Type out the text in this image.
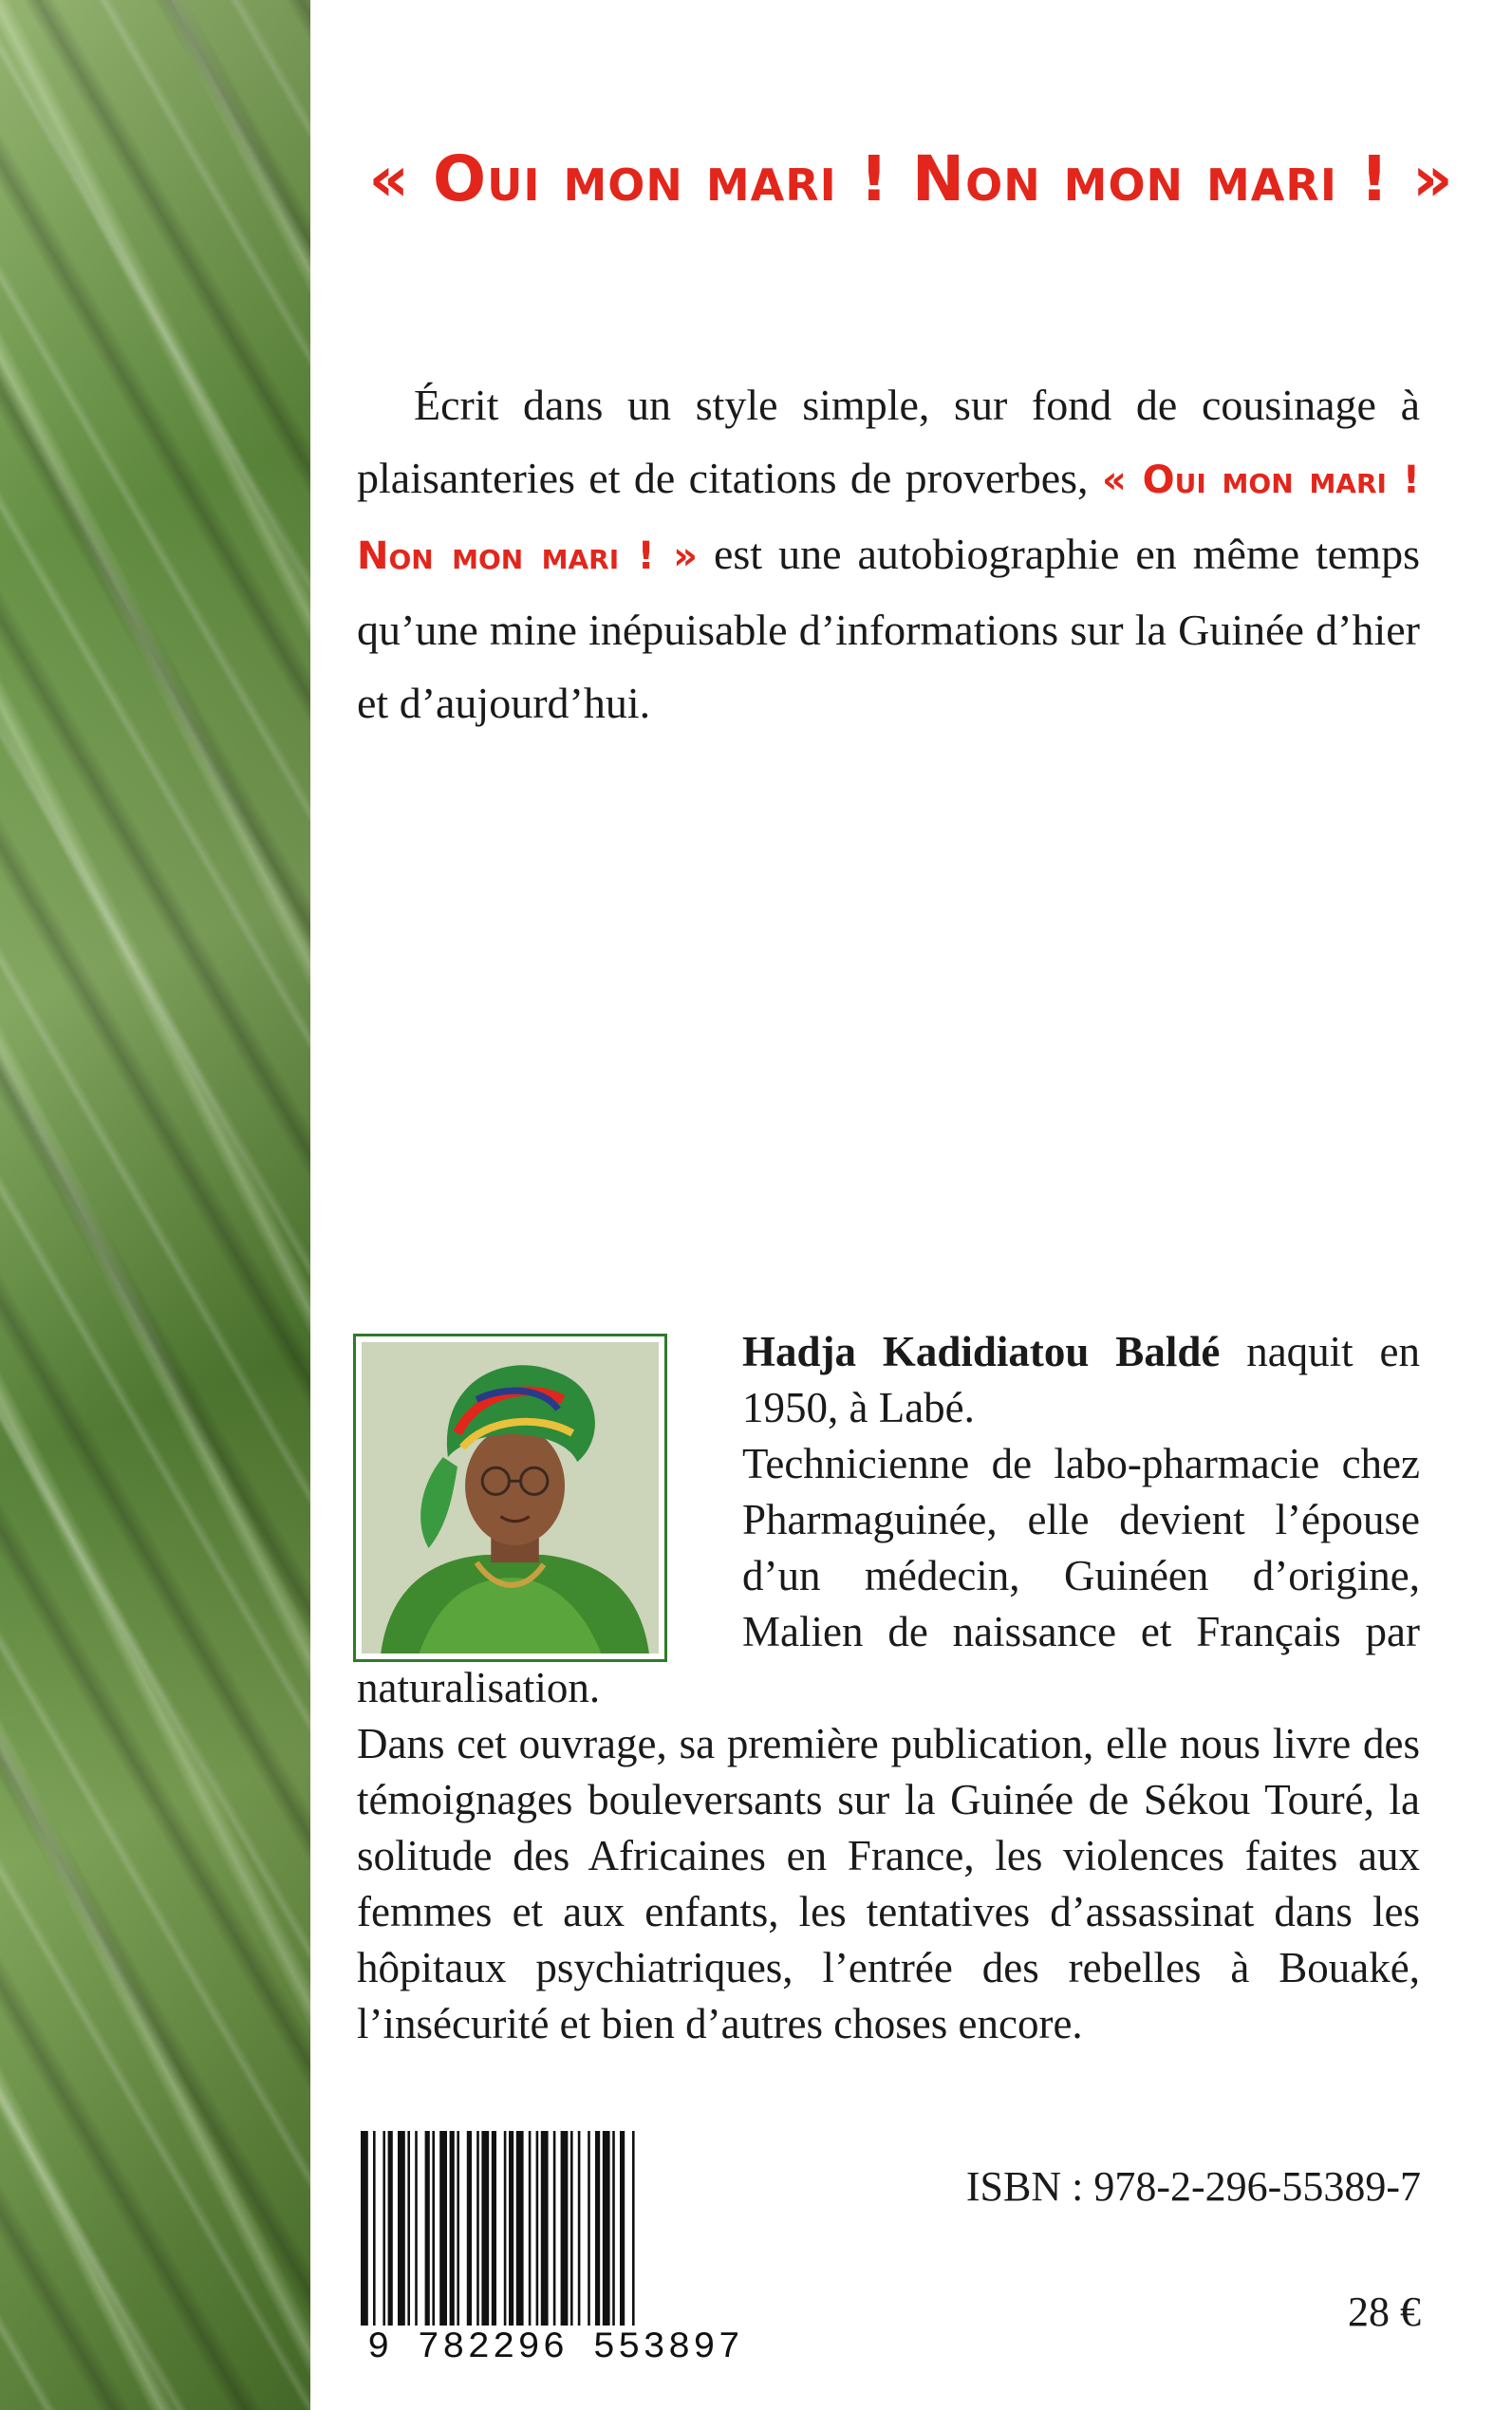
« Oui mon mari ! Non mon mari ! »

Écrit dans un style simple, sur fond de cousinage à plaisanteries et de citations de proverbes, « Oui mon mari ! Non mon mari ! » est une autobiographie en même temps qu’une mine inépuisable d’informations sur la Guinée d’hier et d’aujourd’hui.

Hadja Kadidiatou Baldé naquit en 1950, à Labé.

Technicienne de labo-pharmacie chez Pharmaguinée, elle devient l’épouse d’un médecin, Guinéen d’origine, Malien de naissance et Français par naturalisation.

Dans cet ouvrage, sa première publication, elle nous livre des témoignages bouleversants sur la Guinée de Sékou Touré, la solitude des Africaines en France, les violences faites aux femmes et aux enfants, les tentatives d’assassinat dans les hôpitaux psychiatriques, l’entrée des rebelles à Bouaké, l’insécurité et bien d’autres choses encore.

9 782296 553897
ISBN : 978-2-296-55389-7
28 €
